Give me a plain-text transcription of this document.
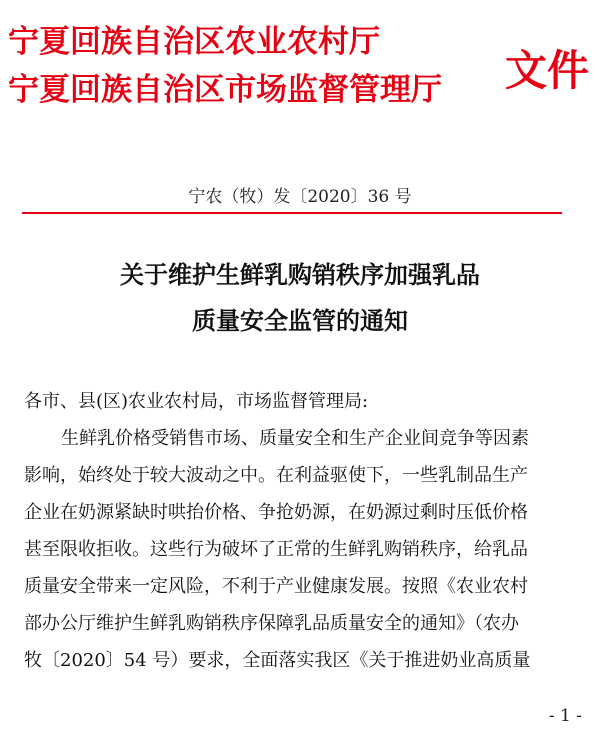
宁夏回族自治区农业农村厅
宁夏回族自治区市场监督管理厅 文件
宁农（牧）发〔2020〕36 号
关于维护生鲜乳购销秩序加强乳品
质量安全监管的通知
各市、县(区)农业农村局，市场监督管理局:
生鲜乳价格受销售市场、质量安全和生产企业间竞争等因素
影响，始终处于较大波动之中。在利益驱使下，一些乳制品生产
企业在奶源紧缺时哄抬价格、争抢奶源，在奶源过剩时压低价格
甚至限收拒收。这些行为破坏了正常的生鲜乳购销秩序，给乳品
质量安全带来一定风险，不利于产业健康发展。按照《农业农村
部办公厅维护生鲜乳购销秩序保障乳品质量安全的通知》（农办
牧〔2020〕54 号）要求，全面落实我区《关于推进奶业高质量
- 1 -
